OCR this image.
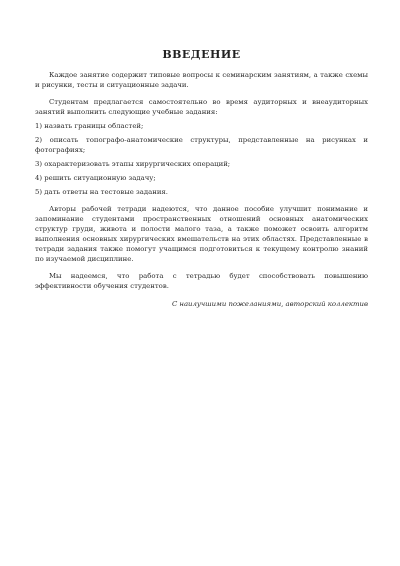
ВВЕДЕНИЕ

Каждое занятие содержит типовые вопросы к семинарским занятиям, а также схемы и рисунки, тесты и ситуационные задачи.

Студентам предлагается самостоятельно во время аудиторных и внеаудиторных занятий выполнить следующие учебные задания:

1) назвать границы областей;

2) описать топографо-анатомические структуры, представленные на рисунках и фотографиях;

3) охарактеризовать этапы хирургических операций;

4) решить ситуационную задачу;

5) дать ответы на тестовые задания.

Авторы рабочей тетради надеются, что данное пособие улучшит понимание и запоминание студентами пространственных отношений основных анатомических структур груди, живота и полости малого таза, а также поможет освоить алгоритм выполнения основных хирургических вмешательств на этих областях. Представленные в тетради задания также помогут учащимся подготовиться к текущему контролю знаний по изучаемой дисциплине.

Мы надеемся, что работа с тетрадью будет способствовать повышению эффективности обучения студентов.

С наилучшими пожеланиями, авторский коллектив
